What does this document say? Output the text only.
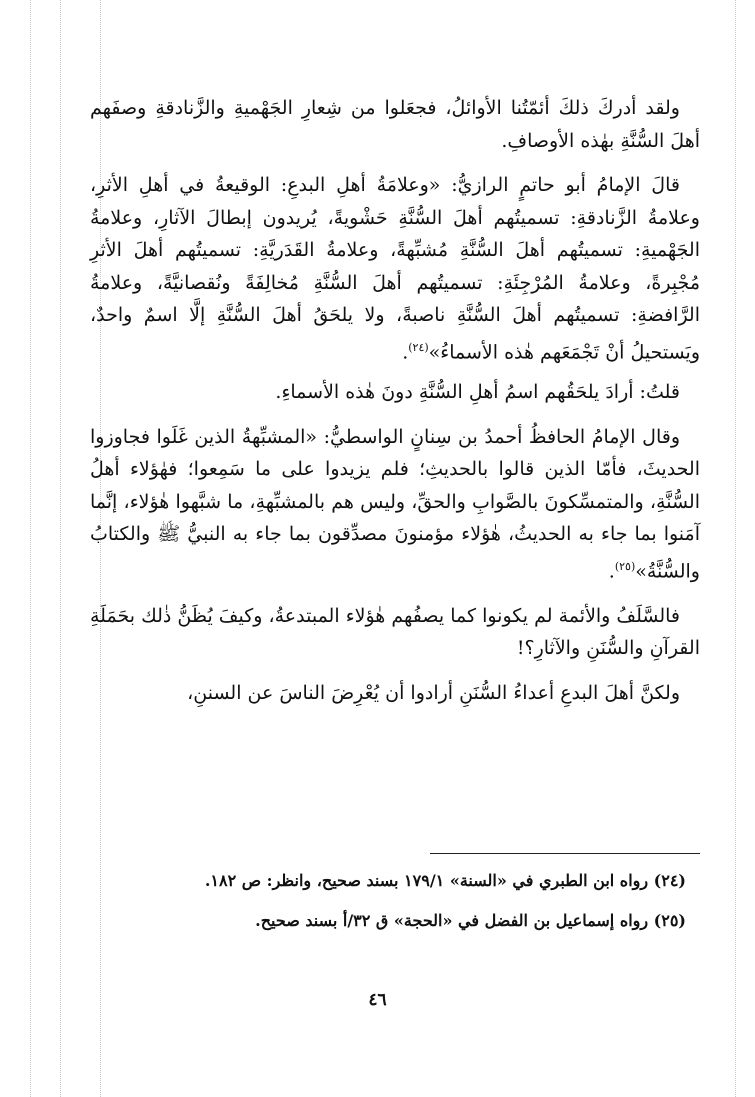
ولقد أدركَ ذلكَ أئمّتُنا الأوائلُ، فجعَلوا من شِعارِ الجَهْميةِ والزَّنادقةِ وصفَهم أهلَ السُّنَّةِ بهٰذه الأوصافِ.

قالَ الإمامُ أبو حاتمٍ الرازيُّ: «وعلامَةُ أهلِ البدعِ: الوقيعةُ في أهلِ الأثرِ، وعلامةُ الزَّنادقةِ: تسميتُهم أهلَ السُّنَّةِ حَشْويةً، يُريدون إبطالَ الآثارِ، وعلامةُ الجَهْميةِ: تسميتُهم أهلَ السُّنَّةِ مُشبِّهةً، وعلامةُ القَدَريَّةِ: تسميتُهم أهلَ الأثرِ مُجْبِرةً، وعلامةُ المُرْجِئَةِ: تسميتُهم أهلَ السُّنَّةِ مُخالِفَةً ونُقصانيَّةً، وعلامةُ الرَّافضةِ: تسميتُهم أهلَ السُّنَّةِ ناصبةً، ولا يلحَقُ أهلَ السُّنَّةِ إلَّا اسمٌ واحدٌ، ويَستحيلُ أنْ تَجْمَعَهم هٰذه الأسماءُ»$^{(٢٤)}$.

قلتُ: أرادَ يلحَقُهم اسمُ أهلِ السُّنَّةِ دونَ هٰذه الأسماءِ.

وقال الإمامُ الحافظُ أحمدُ بن سِنانٍ الواسطيُّ: «المشبِّهةُ الذين غَلَوا فجاوزوا الحديثَ، فأمّا الذين قالوا بالحديثِ؛ فلم يزيدوا على ما سَمِعوا؛ فهٰؤلاء أهلُ السُّنَّةِ، والمتمسِّكونَ بالصَّوابِ والحقِّ، وليس هم بالمشبِّهةِ، ما شبَّهوا هٰؤلاء، إنَّما آمَنوا بما جاء به الحديثُ، هٰؤلاء مؤمنونَ مصدِّقون بما جاء به النبيُّ ﷺ والكتابُ والسُّنَّةُ»$^{(٢٥)}$.

فالسَّلَفُ والأئمة لم يكونوا كما يصفُهم هٰؤلاء المبتدعةُ، وكيفَ يُظَنُّ ذٰلك بحَمَلَةِ القرآنِ والسُّنَنِ والآثارِ؟!

ولكنَّ أهلَ البدعِ أعداءُ السُّنَنِ أرادوا أن يُعْرِضَ الناسَ عن السننِ،

(٢٤) رواه ابن الطبري في «السنة» ١٧٩/١ بسند صحيح، وانظر: ص ١٨٢.

(٢٥) رواه إسماعيل بن الفضل في «الحجة» ق ٣٢/أ بسند صحيح.

٤٦
